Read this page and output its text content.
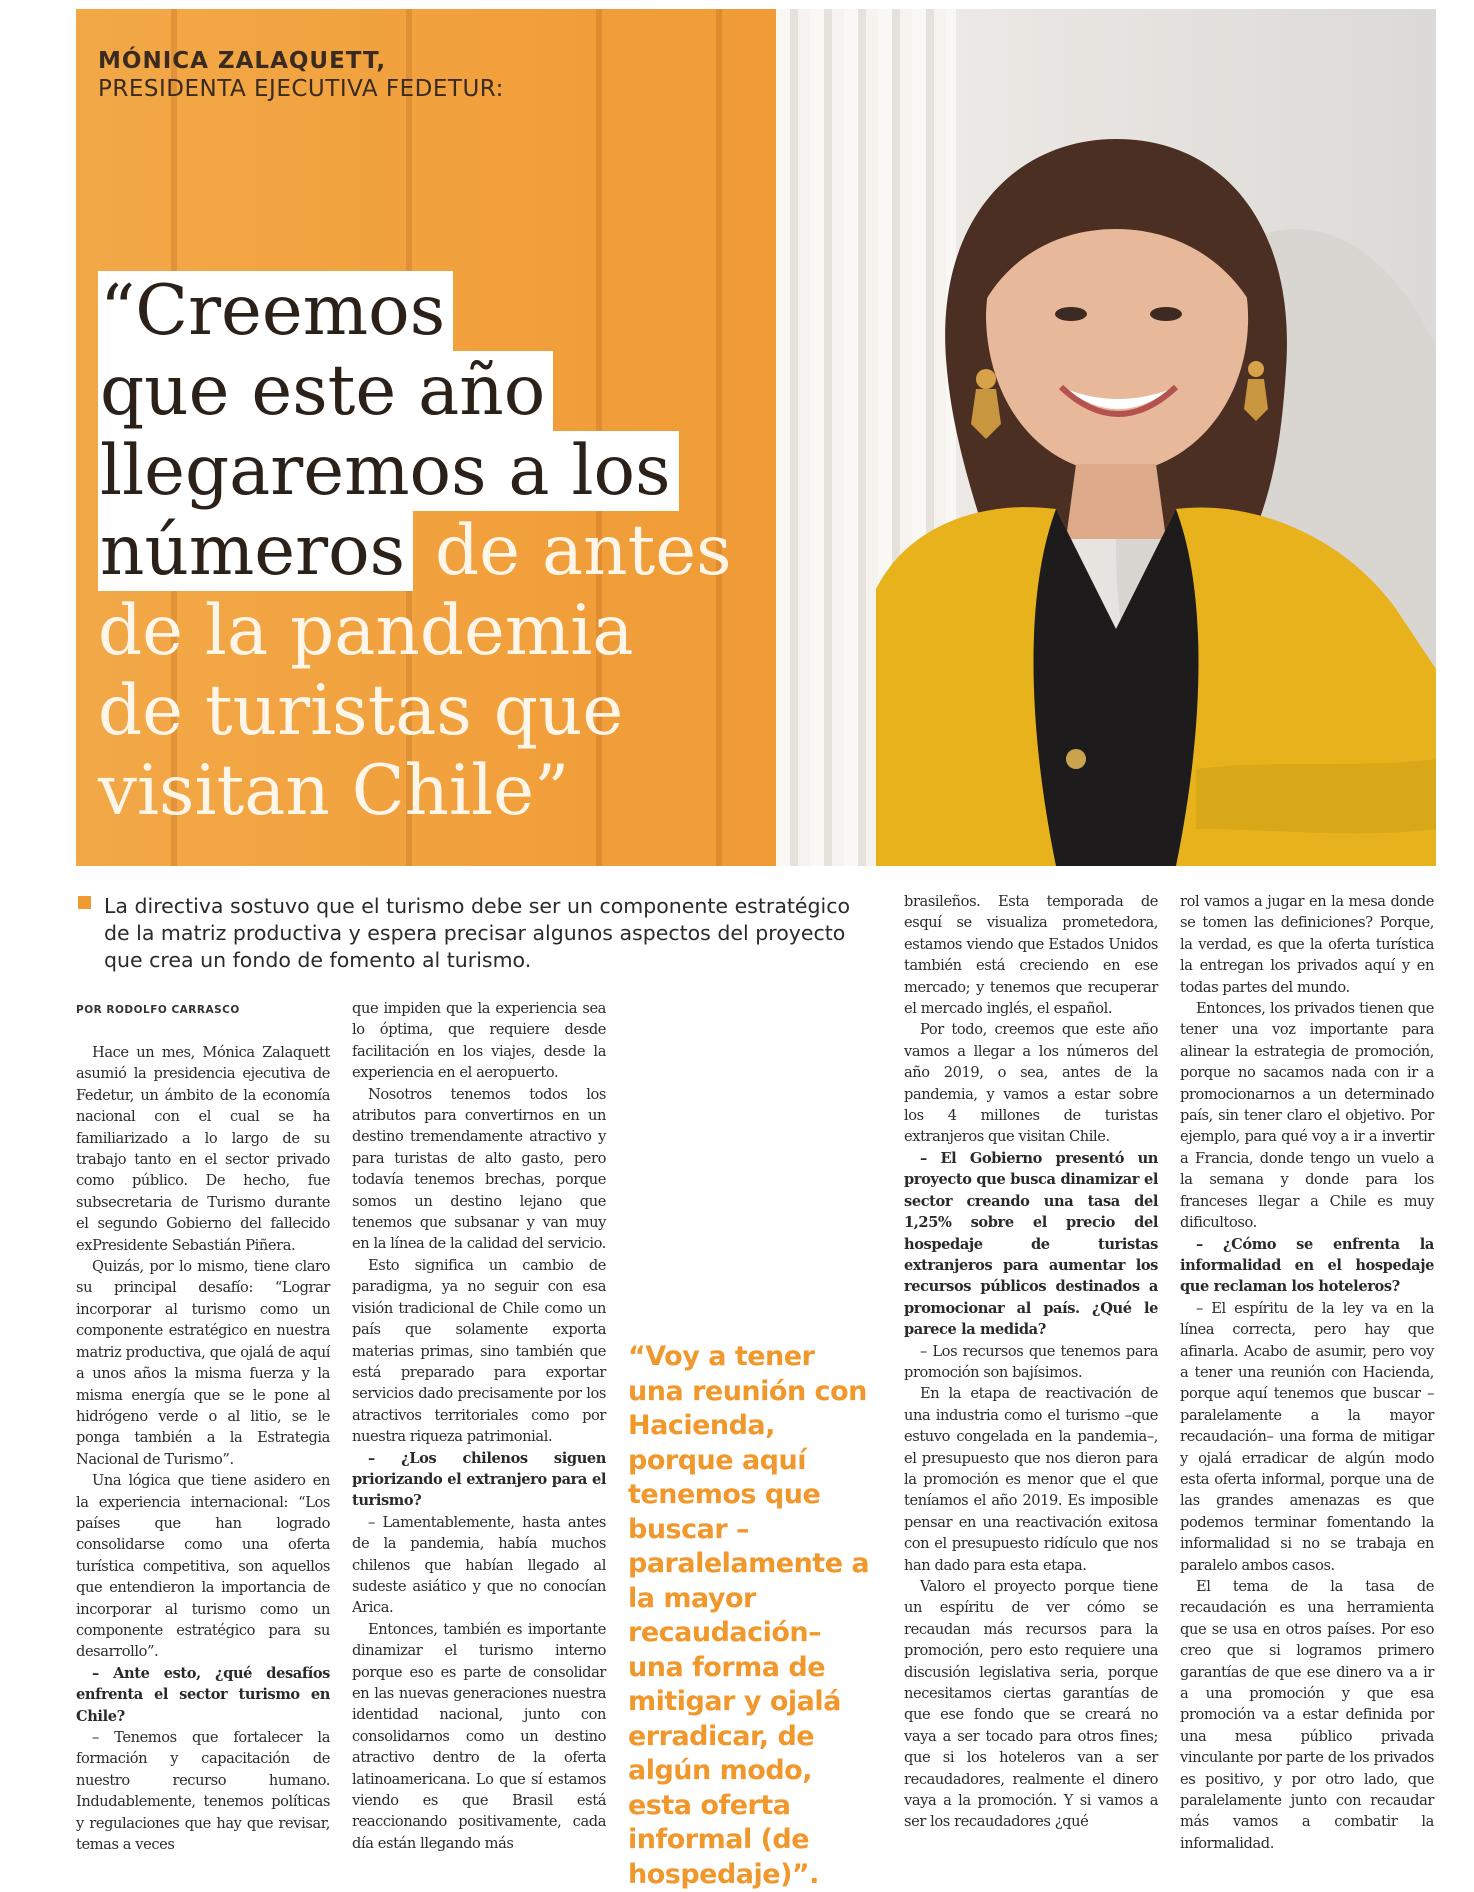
MÓNICA ZALAQUETT,
PRESIDENTA EJECUTIVA FEDETUR:
“Creemos
que este año
llegaremos a los
números de antes
de la pandemia
de turistas que
visitan Chile”

La directiva sostuvo que el turismo debe ser un componente estratégico de la matriz productiva y espera precisar algunos aspectos del proyecto que crea un fondo de fomento al turismo.

POR RODOLFO CARRASCO

Hace un mes, Mónica Zalaquett asumió la presidencia ejecutiva de Fedetur, un ámbito de la economía nacional con el cual se ha familiarizado a lo largo de su trabajo tanto en el sector privado como público. De hecho, fue subsecretaria de Turismo durante el segundo Gobierno del fallecido exPresidente Sebastián Piñera.

Quizás, por lo mismo, tiene claro su principal desafío: “Lograr incorporar al turismo como un componente estratégico en nuestra matriz productiva, que ojalá de aquí a unos años la misma fuerza y la misma energía que se le pone al hidrógeno verde o al litio, se le ponga también a la Estrategia Nacional de Turismo”.

Una lógica que tiene asidero en la experiencia internacional: “Los países que han logrado consolidarse como una oferta turística competitiva, son aquellos que entendieron la importancia de incorporar al turismo como un componente estratégico para su desarrollo”.

– Ante esto, ¿qué desafíos enfrenta el sector turismo en Chile?

– Tenemos que fortalecer la formación y capacitación de nuestro recurso humano. Indudablemente, tenemos políticas y regulaciones que hay que revisar, temas a veces

que impiden que la experiencia sea lo óptima, que requiere desde facilitación en los viajes, desde la experiencia en el aeropuerto.

Nosotros tenemos todos los atributos para convertirnos en un destino tremendamente atractivo y para turistas de alto gasto, pero todavía tenemos brechas, porque somos un destino lejano que tenemos que subsanar y van muy en la línea de la calidad del servicio.

Esto significa un cambio de paradigma, ya no seguir con esa visión tradicional de Chile como un país que solamente exporta materias primas, sino también que está preparado para exportar servicios dado precisamente por los atractivos territoriales como por nuestra riqueza patrimonial.

– ¿Los chilenos siguen priorizando el extranjero para el turismo?

– Lamentablemente, hasta antes de la pandemia, había muchos chilenos que habían llegado al sudeste asiático y que no conocían Arica.

Entonces, también es importante dinamizar el turismo interno porque eso es parte de consolidar en las nuevas generaciones nuestra identidad nacional, junto con consolidarnos como un destino atractivo dentro de la oferta latinoamericana. Lo que sí estamos viendo es que Brasil está reaccionando positivamente, cada día están llegando más

“Voy a tener una reunión con Hacienda, porque aquí tenemos que buscar –paralelamente a la mayor recaudación– una forma de mitigar y ojalá erradicar, de algún modo, esta oferta informal (de hospedaje)”.

brasileños. Esta temporada de esquí se visualiza prometedora, estamos viendo que Estados Unidos también está creciendo en ese mercado; y tenemos que recuperar el mercado inglés, el español.

Por todo, creemos que este año vamos a llegar a los números del año 2019, o sea, antes de la pandemia, y vamos a estar sobre los 4 millones de turistas extranjeros que visitan Chile.

– El Gobierno presentó un proyecto que busca dinamizar el sector creando una tasa del 1,25% sobre el precio del hospedaje de turistas extranjeros para aumentar los recursos públicos destinados a promocionar al país. ¿Qué le parece la medida?

– Los recursos que tenemos para promoción son bajísimos.

En la etapa de reactivación de una industria como el turismo –que estuvo congelada en la pandemia–, el presupuesto que nos dieron para la promoción es menor que el que teníamos el año 2019. Es imposible pensar en una reactivación exitosa con el presupuesto ridículo que nos han dado para esta etapa.

Valoro el proyecto porque tiene un espíritu de ver cómo se recaudan más recursos para la promoción, pero esto requiere una discusión legislativa seria, porque necesitamos ciertas garantías de que ese fondo que se creará no vaya a ser tocado para otros fines; que si los hoteleros van a ser recaudadores, realmente el dinero vaya a la promoción. Y si vamos a ser los recaudadores ¿qué

rol vamos a jugar en la mesa donde se tomen las definiciones? Porque, la verdad, es que la oferta turística la entregan los privados aquí y en todas partes del mundo.

Entonces, los privados tienen que tener una voz importante para alinear la estrategia de promoción, porque no sacamos nada con ir a promocionarnos a un determinado país, sin tener claro el objetivo. Por ejemplo, para qué voy a ir a invertir a Francia, donde tengo un vuelo a la semana y donde para los franceses llegar a Chile es muy dificultoso.

– ¿Cómo se enfrenta la informalidad en el hospedaje que reclaman los hoteleros?

– El espíritu de la ley va en la línea correcta, pero hay que afinarla. Acabo de asumir, pero voy a tener una reunión con Hacienda, porque aquí tenemos que buscar –paralelamente a la mayor recaudación– una forma de mitigar y ojalá erradicar de algún modo esta oferta informal, porque una de las grandes amenazas es que podemos terminar fomentando la informalidad si no se trabaja en paralelo ambos casos.

El tema de la tasa de recaudación es una herramienta que se usa en otros países. Por eso creo que si logramos primero garantías de que ese dinero va a ir a una promoción y que esa promoción va a estar definida por una mesa público privada vinculante por parte de los privados es positivo, y por otro lado, que paralelamente junto con recaudar más vamos a combatir la informalidad.
